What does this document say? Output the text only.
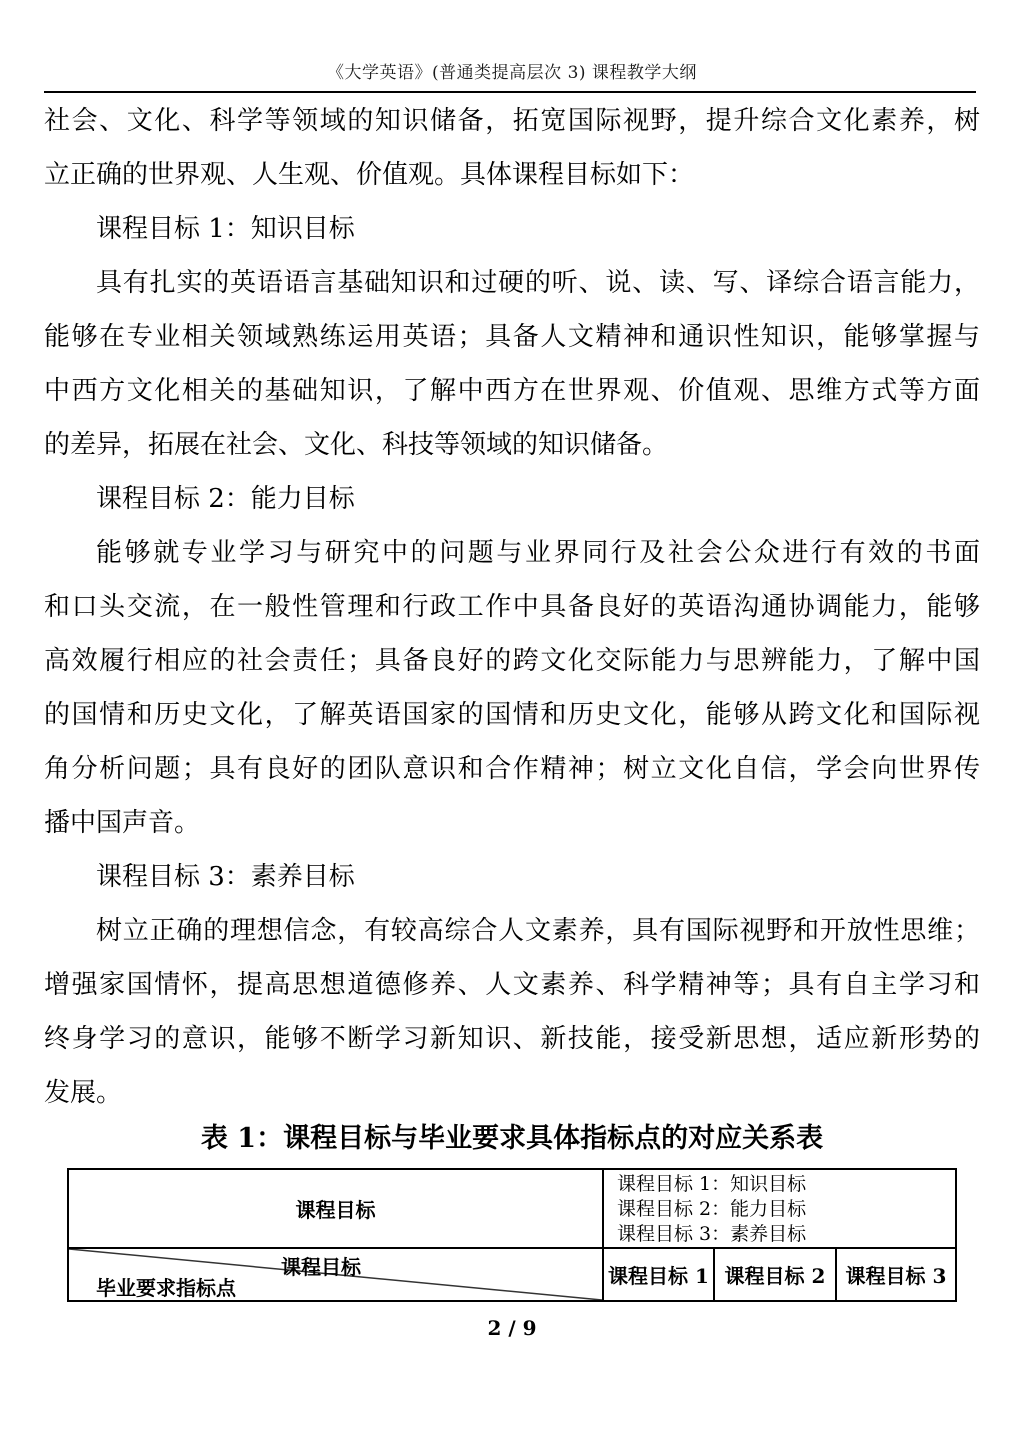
《大学英语》(普通类提高层次 3) 课程教学大纲
社会、文化、科学等领域的知识储备，拓宽国际视野，提升综合文化素养，树
立正确的世界观、人生观、价值观。具体课程目标如下：
课程目标 1：知识目标
具有扎实的英语语言基础知识和过硬的听、说、读、写、译综合语言能力，
能够在专业相关领域熟练运用英语；具备人文精神和通识性知识，能够掌握与
中西方文化相关的基础知识，了解中西方在世界观、价值观、思维方式等方面
的差异，拓展在社会、文化、科技等领域的知识储备。
课程目标 2：能力目标
能够就专业学习与研究中的问题与业界同行及社会公众进行有效的书面
和口头交流，在一般性管理和行政工作中具备良好的英语沟通协调能力，能够
高效履行相应的社会责任；具备良好的跨文化交际能力与思辨能力，了解中国
的国情和历史文化，了解英语国家的国情和历史文化，能够从跨文化和国际视
角分析问题；具有良好的团队意识和合作精神；树立文化自信，学会向世界传
播中国声音。
课程目标 3：素养目标
树立正确的理想信念，有较高综合人文素养，具有国际视野和开放性思维；
增强家国情怀，提高思想道德修养、人文素养、科学精神等；具有自主学习和
终身学习的意识，能够不断学习新知识、新技能，接受新思想，适应新形势的
发展。
表 1：课程目标与毕业要求具体指标点的对应关系表
课程目标
课程目标 1：知识目标
课程目标 2：能力目标
课程目标 3：素养目标
课程目标
毕业要求指标点	课程目标 1 课程目标 2	课程目标 3
2 / 9
